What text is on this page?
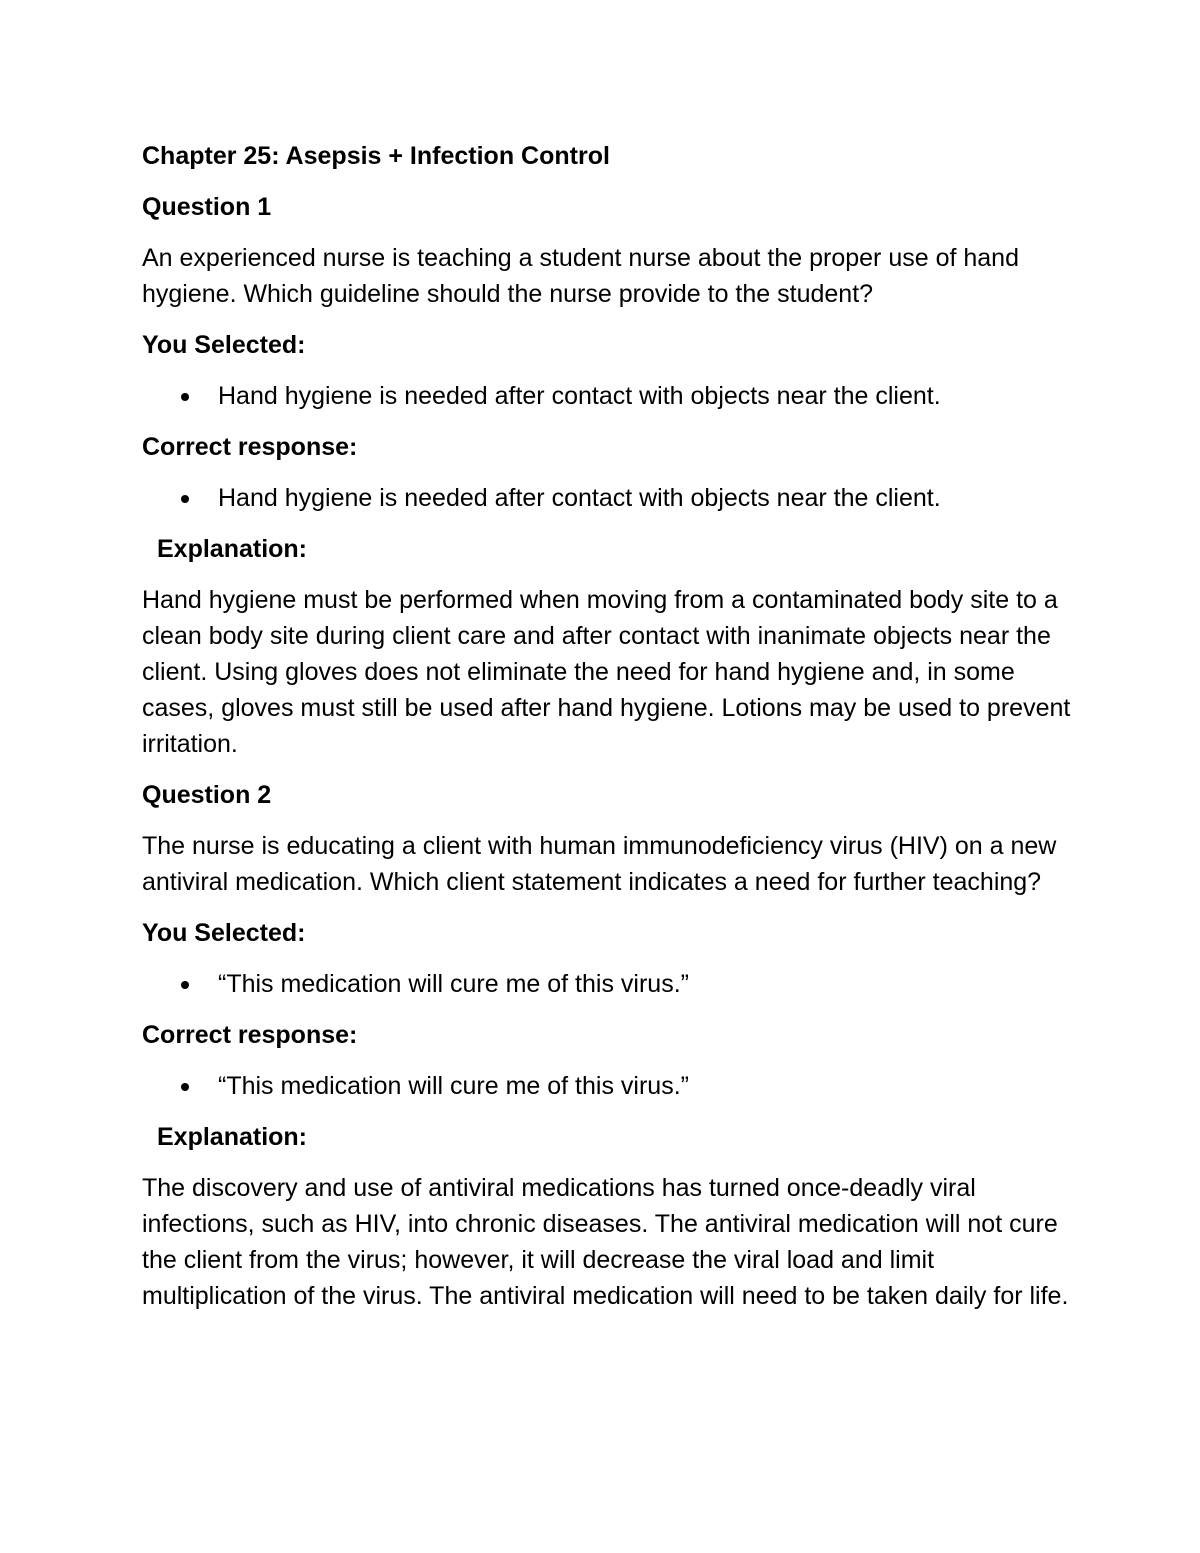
Chapter 25: Asepsis + Infection Control
Question 1
An experienced nurse is teaching a student nurse about the proper use of hand hygiene. Which guideline should the nurse provide to the student?
You Selected:
Hand hygiene is needed after contact with objects near the client.
Correct response:
Hand hygiene is needed after contact with objects near the client.
Explanation:
Hand hygiene must be performed when moving from a contaminated body site to a clean body site during client care and after contact with inanimate objects near the client. Using gloves does not eliminate the need for hand hygiene and, in some cases, gloves must still be used after hand hygiene. Lotions may be used to prevent irritation.
Question 2
The nurse is educating a client with human immunodeficiency virus (HIV) on a new antiviral medication. Which client statement indicates a need for further teaching?
You Selected:
“This medication will cure me of this virus.”
Correct response:
“This medication will cure me of this virus.”
Explanation:
The discovery and use of antiviral medications has turned once-deadly viral infections, such as HIV, into chronic diseases. The antiviral medication will not cure the client from the virus; however, it will decrease the viral load and limit multiplication of the virus. The antiviral medication will need to be taken daily for life.
